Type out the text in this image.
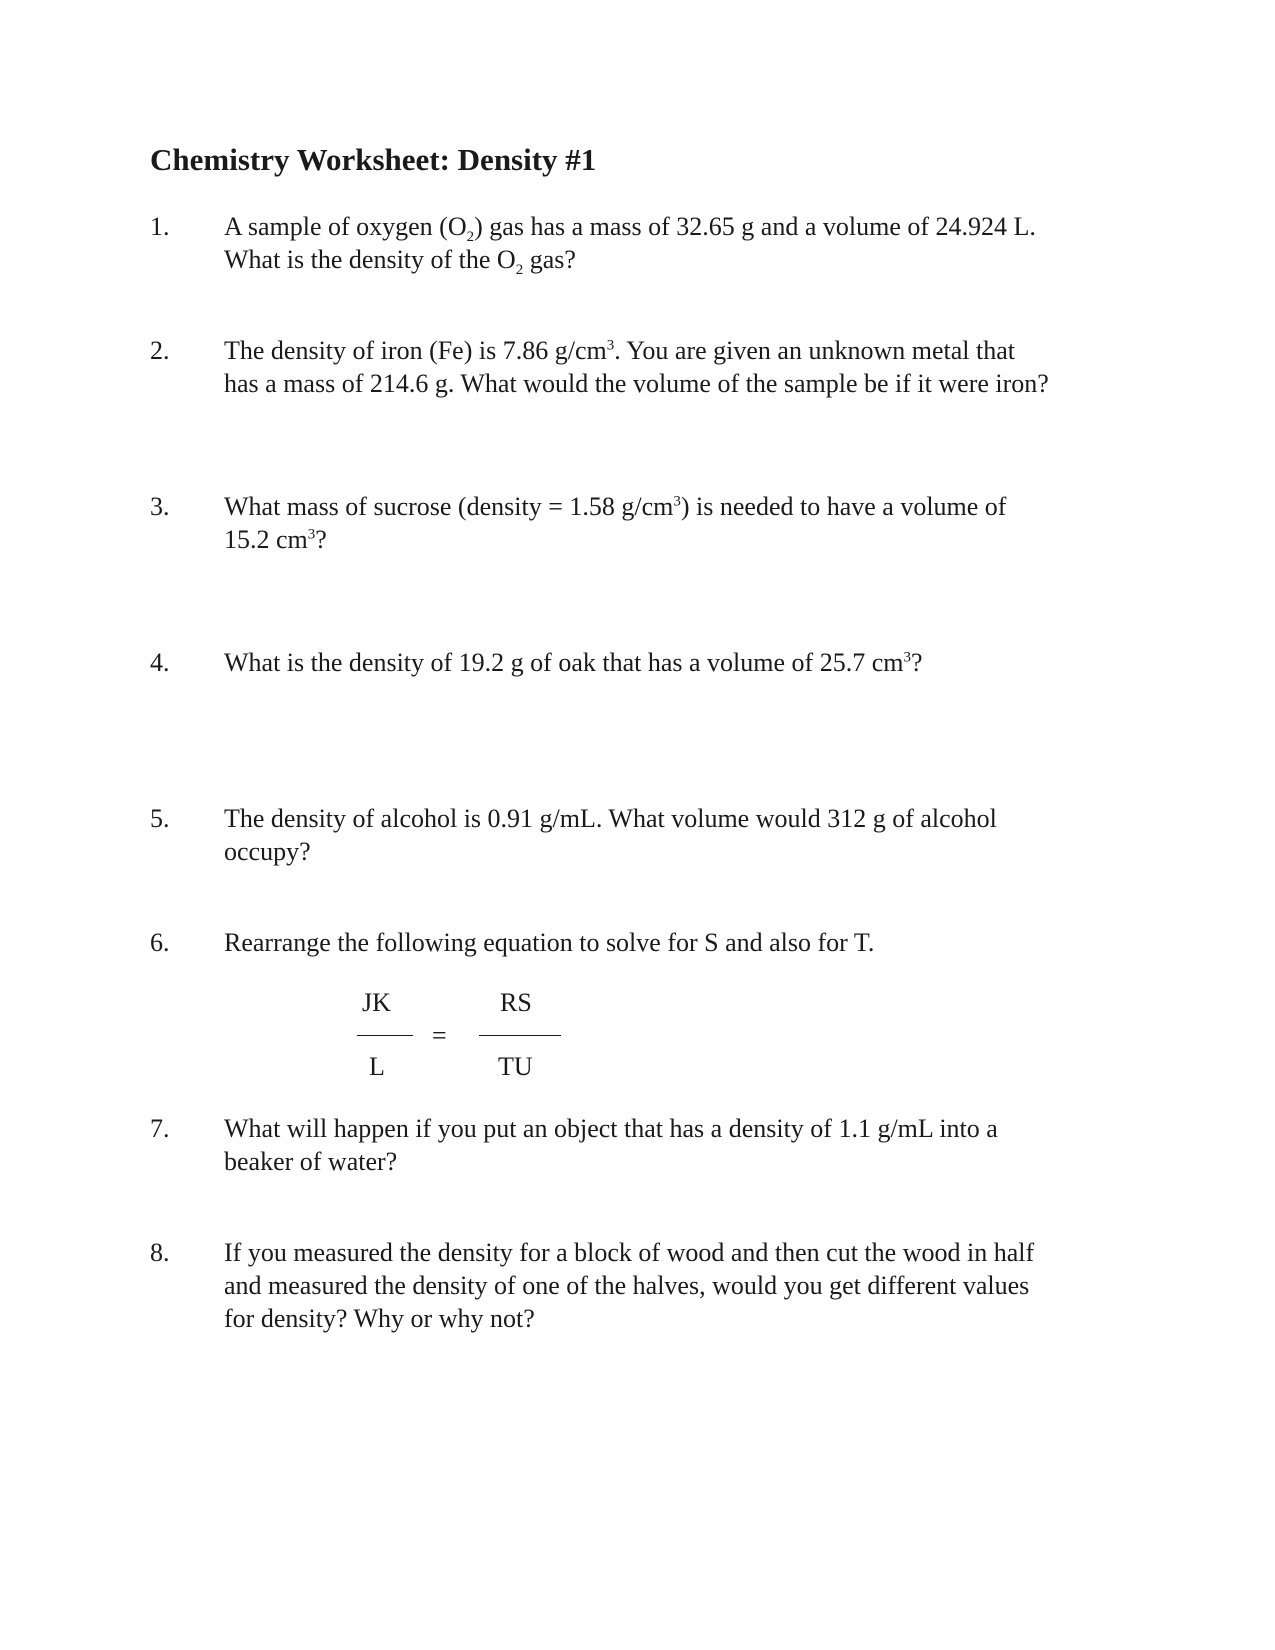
Chemistry Worksheet: Density #1
1. A sample of oxygen $(O_2)$ gas has a mass of 32.65 g and a volume of 24.924 L.
What is the density of the $O_2$ gas?
2. The density of iron (Fe) is 7.86 $g/cm^3$. You are given an unknown metal that
has a mass of 214.6 g. What would the volume of the sample be if it were iron?
3. What mass of sucrose (density = 1.58 $g/cm^3$) is needed to have a volume of
15.2 $cm^3$?
4. What is the density of 19.2 g of oak that has a volume of 25.7 $cm^3$?
5. The density of alcohol is 0.91 g/mL. What volume would 312 g of alcohol
occupy?
6. Rearrange the following equation to solve for S and also for T.
JK
L
=
RS
TU
7. What will happen if you put an object that has a density of 1.1 g/mL into a
beaker of water?
8. If you measured the density for a block of wood and then cut the wood in half
and measured the density of one of the halves, would you get different values
for density? Why or why not?
